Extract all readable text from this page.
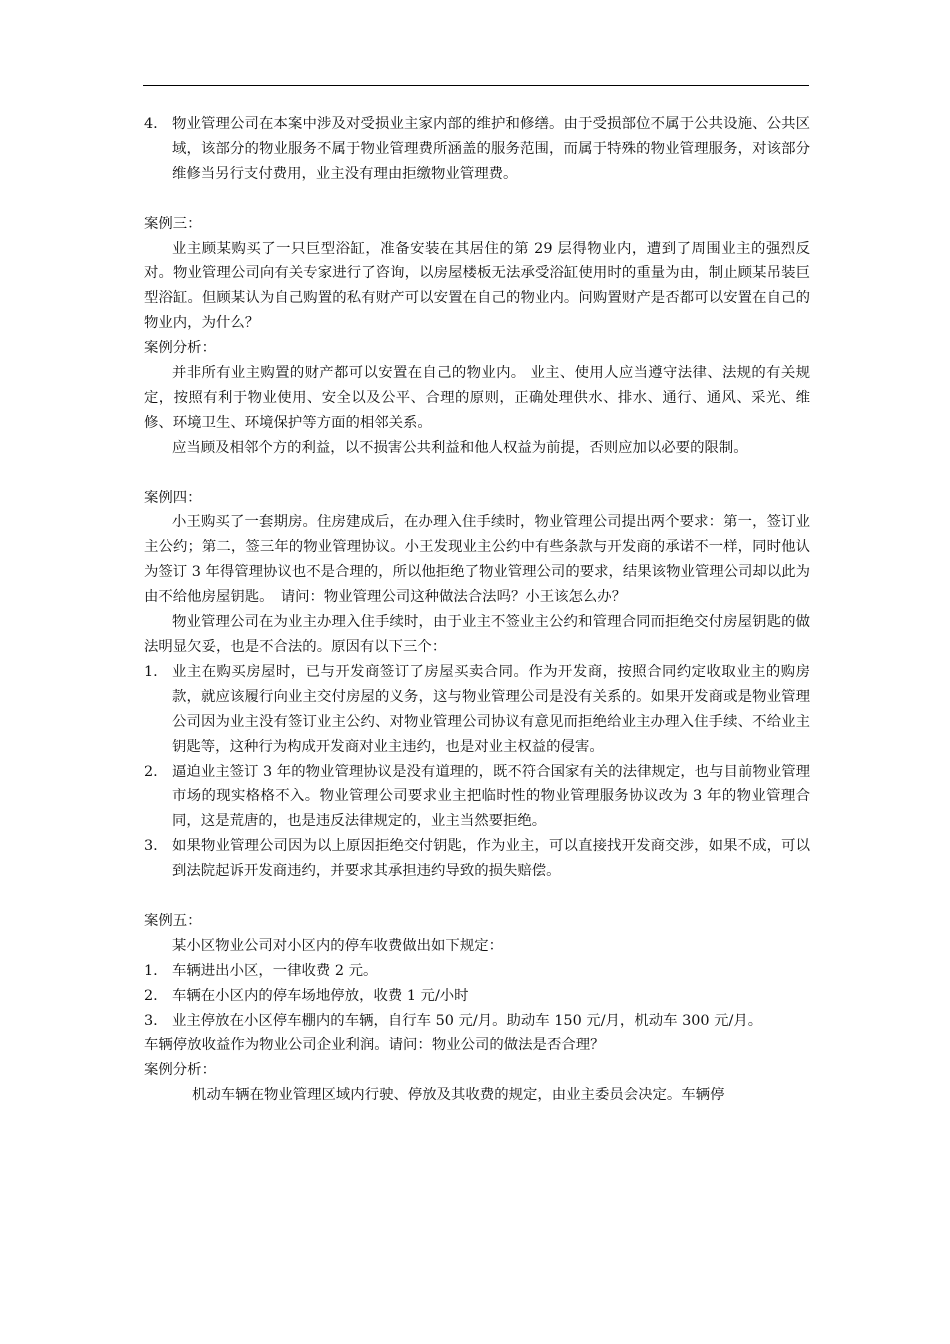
4. 物业管理公司在本案中涉及对受损业主家内部的维护和修缮。由于受损部位不属于公共设施、公共区域，该部分的物业服务不属于物业管理费所涵盖的服务范围，而属于特殊的物业管理服务，对该部分维修当另行支付费用，业主没有理由拒缴物业管理费。

案例三：

业主顾某购买了一只巨型浴缸，准备安装在其居住的第 29 层得物业内，遭到了周围业主的强烈反对。物业管理公司向有关专家进行了咨询，以房屋楼板无法承受浴缸使用时的重量为由，制止顾某吊装巨型浴缸。但顾某认为自己购置的私有财产可以安置在自己的物业内。问购置财产是否都可以安置在自己的物业内，为什么？

案例分析：

并非所有业主购置的财产都可以安置在自己的物业内。 业主、使用人应当遵守法律、法规的有关规定，按照有利于物业使用、安全以及公平、合理的原则，正确处理供水、排水、通行、通风、采光、维修、环境卫生、环境保护等方面的相邻关系。

应当顾及相邻个方的利益，以不损害公共利益和他人权益为前提，否则应加以必要的限制。

案例四：

小王购买了一套期房。住房建成后，在办理入住手续时，物业管理公司提出两个要求：第一，签订业主公约；第二，签三年的物业管理协议。小王发现业主公约中有些条款与开发商的承诺不一样，同时他认为签订 3 年得管理协议也不是合理的，所以他拒绝了物业管理公司的要求，结果该物业管理公司却以此为由不给他房屋钥匙。　请问：物业管理公司这种做法合法吗？小王该怎么办？

物业管理公司在为业主办理入住手续时，由于业主不签业主公约和管理合同而拒绝交付房屋钥匙的做法明显欠妥，也是不合法的。原因有以下三个：

1. 业主在购买房屋时，已与开发商签订了房屋买卖合同。作为开发商，按照合同约定收取业主的购房款，就应该履行向业主交付房屋的义务，这与物业管理公司是没有关系的。如果开发商或是物业管理公司因为业主没有签订业主公约、对物业管理公司协议有意见而拒绝给业主办理入住手续、不给业主钥匙等，这种行为构成开发商对业主违约，也是对业主权益的侵害。
2. 逼迫业主签订 3 年的物业管理协议是没有道理的，既不符合国家有关的法律规定，也与目前物业管理市场的现实格格不入。物业管理公司要求业主把临时性的物业管理服务协议改为 3 年的物业管理合同，这是荒唐的，也是违反法律规定的，业主当然要拒绝。
3. 如果物业管理公司因为以上原因拒绝交付钥匙，作为业主，可以直接找开发商交涉，如果不成，可以到法院起诉开发商违约，并要求其承担违约导致的损失赔偿。

案例五：

某小区物业公司对小区内的停车收费做出如下规定：

1. 车辆进出小区，一律收费 2 元。
2. 车辆在小区内的停车场地停放，收费 1 元/小时
3. 业主停放在小区停车棚内的车辆，自行车 50 元/月。助动车 150 元/月，机动车 300 元/月。

车辆停放收益作为物业公司企业利润。请问：物业公司的做法是否合理？

案例分析：

机动车辆在物业管理区域内行驶、停放及其收费的规定，由业主委员会决定。车辆停
